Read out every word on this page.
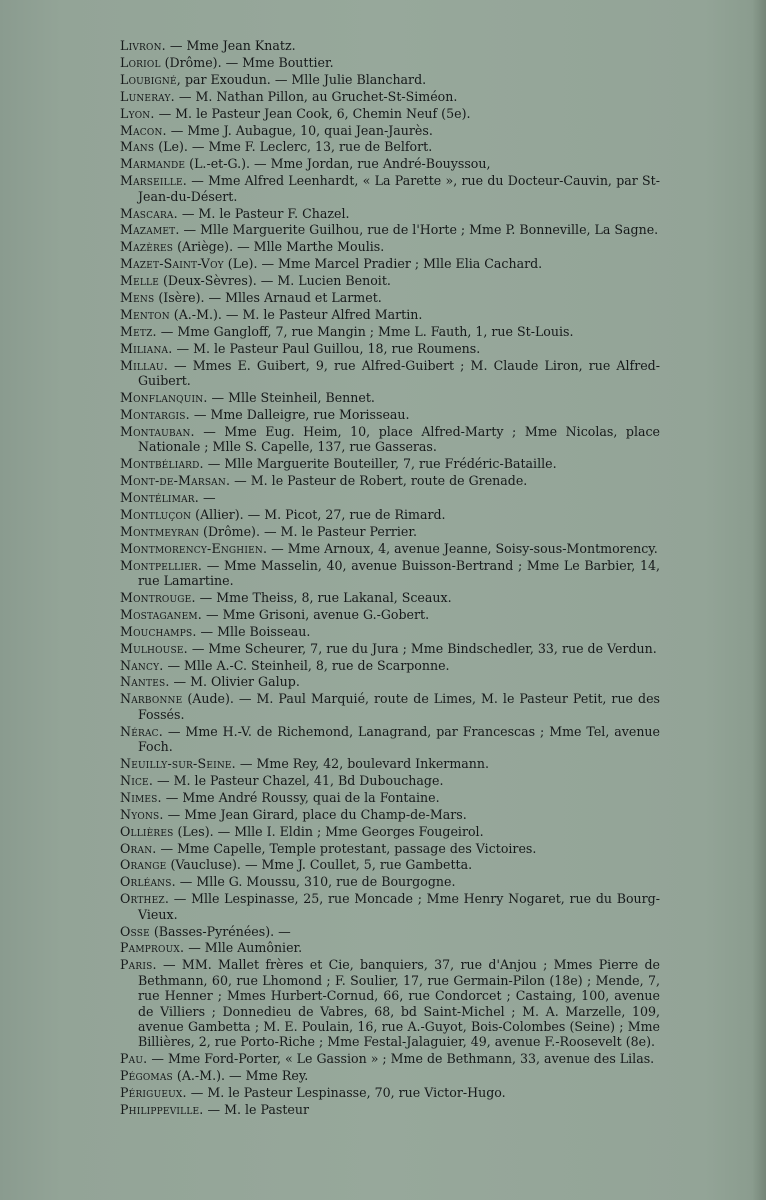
Livron. — Mme Jean Knatz.

Loriol (Drôme). — Mme Bouttier.

Loubigné, par Exoudun. — Mlle Julie Blanchard.

Luneray. — M. Nathan Pillon, au Gruchet-St-Siméon.

Lyon. — M. le Pasteur Jean Cook, 6, Chemin Neuf (5e).

Macon. — Mme J. Aubague, 10, quai Jean-Jaurès.

Mans (Le). — Mme F. Leclerc, 13, rue de Belfort.

Marmande (L.-et-G.). — Mme Jordan, rue André-Bouyssou,

Marseille. — Mme Alfred Leenhardt, « La Parette », rue du Docteur-Cauvin, par St-Jean-du-Désert.

Mascara. — M. le Pasteur F. Chazel.

Mazamet. — Mlle Marguerite Guilhou, rue de l'Horte ; Mme P. Bonneville, La Sagne.

Mazères (Ariège). — Mlle Marthe Moulis.

Mazet-Saint-Voy (Le). — Mme Marcel Pradier ; Mlle Elia Cachard.

Melle (Deux-Sèvres). — M. Lucien Benoit.

Mens (Isère). — Mlles Arnaud et Larmet.

Menton (A.-M.). — M. le Pasteur Alfred Martin.

Metz. — Mme Gangloff, 7, rue Mangin ; Mme L. Fauth, 1, rue St-Louis.

Miliana. — M. le Pasteur Paul Guillou, 18, rue Roumens.

Millau. — Mmes E. Guibert, 9, rue Alfred-Guibert ; M. Claude Liron, rue Alfred-Guibert.

Monflanquin. — Mlle Steinheil, Bennet.

Montargis. — Mme Dalleigre, rue Morisseau.

Montauban. — Mme Eug. Heim, 10, place Alfred-Marty ; Mme Nicolas, place Nationale ; Mlle S. Capelle, 137, rue Gasseras.

Montbéliard. — Mlle Marguerite Bouteiller, 7, rue Frédéric-Bataille.

Mont-de-Marsan. — M. le Pasteur de Robert, route de Grenade.

Montélimar. —

Montluçon (Allier). — M. Picot, 27, rue de Rimard.

Montmeyran (Drôme). — M. le Pasteur Perrier.

Montmorency-Enghien. — Mme Arnoux, 4, avenue Jeanne, Soisy-sous-Montmorency.

Montpellier. — Mme Masselin, 40, avenue Buisson-Bertrand ; Mme Le Barbier, 14, rue Lamartine.

Montrouge. — Mme Theiss, 8, rue Lakanal, Sceaux.

Mostaganem. — Mme Grisoni, avenue G.-Gobert.

Mouchamps. — Mlle Boisseau.

Mulhouse. — Mme Scheurer, 7, rue du Jura ; Mme Bindschedler, 33, rue de Verdun.

Nancy. — Mlle A.-C. Steinheil, 8, rue de Scarponne.

Nantes. — M. Olivier Galup.

Narbonne (Aude). — M. Paul Marquié, route de Limes, M. le Pasteur Petit, rue des Fossés.

Nérac. — Mme H.-V. de Richemond, Lanagrand, par Francescas ; Mme Tel, avenue Foch.

Neuilly-sur-Seine. — Mme Rey, 42, boulevard Inkermann.

Nice. — M. le Pasteur Chazel, 41, Bd Dubouchage.

Nimes. — Mme André Roussy, quai de la Fontaine.

Nyons. — Mme Jean Girard, place du Champ-de-Mars.

Ollières (Les). — Mlle I. Eldin ; Mme Georges Fougeirol.

Oran. — Mme Capelle, Temple protestant, passage des Victoires.

Orange (Vaucluse). — Mme J. Coullet, 5, rue Gambetta.

Orléans. — Mlle G. Moussu, 310, rue de Bourgogne.

Orthez. — Mlle Lespinasse, 25, rue Moncade ; Mme Henry Nogaret, rue du Bourg-Vieux.

Osse (Basses-Pyrénées). —

Pamproux. — Mlle Aumônier.

Paris. — MM. Mallet frères et Cie, banquiers, 37, rue d'Anjou ; Mmes Pierre de Bethmann, 60, rue Lhomond ; F. Soulier, 17, rue Germain-Pilon (18e) ; Mende, 7, rue Henner ; Mmes Hurbert-Cornud, 66, rue Condorcet ; Castaing, 100, avenue de Villiers ; Donnedieu de Vabres, 68, bd Saint-Michel ; M. A. Marzelle, 109, avenue Gambetta ; M. E. Poulain, 16, rue A.-Guyot, Bois-Colombes (Seine) ; Mme Billières, 2, rue Porto-Riche ; Mme Festal-Jalaguier, 49, avenue F.-Roosevelt (8e).

Pau. — Mme Ford-Porter, « Le Gassion » ; Mme de Bethmann, 33, avenue des Lilas.

Pégomas (A.-M.). — Mme Rey.

Périgueux. — M. le Pasteur Lespinasse, 70, rue Victor-Hugo.

Philippeville. — M. le Pasteur
